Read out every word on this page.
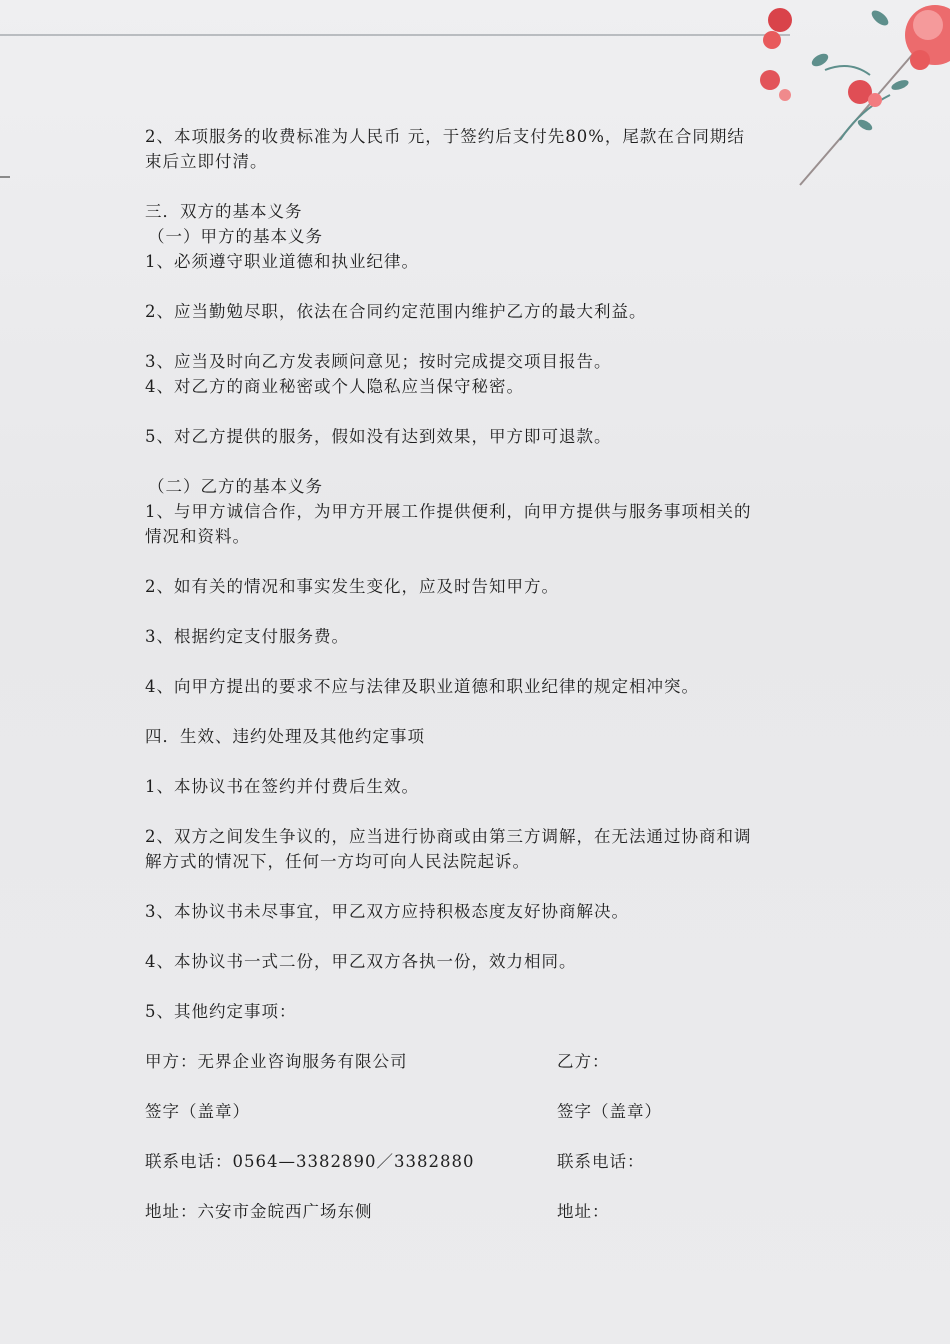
2、本项服务的收费标准为人民币 元，于签约后支付先80%，尾款在合同期结

束后立即付清。

三．双方的基本义务

（一）甲方的基本义务

1、必须遵守职业道德和执业纪律。

2、应当勤勉尽职，依法在合同约定范围内维护乙方的最大利益。

3、应当及时向乙方发表顾问意见；按时完成提交项目报告。

4、对乙方的商业秘密或个人隐私应当保守秘密。

5、对乙方提供的服务，假如没有达到效果，甲方即可退款。

（二）乙方的基本义务

1、与甲方诚信合作，为甲方开展工作提供便利，向甲方提供与服务事项相关的

情况和资料。

2、如有关的情况和事实发生变化，应及时告知甲方。

3、根据约定支付服务费。

4、向甲方提出的要求不应与法律及职业道德和职业纪律的规定相冲突。

四．生效、违约处理及其他约定事项

1、本协议书在签约并付费后生效。

2、双方之间发生争议的，应当进行协商或由第三方调解，在无法通过协商和调

解方式的情况下，任何一方均可向人民法院起诉。

3、本协议书未尽事宜，甲乙双方应持积极态度友好协商解决。

4、本协议书一式二份，甲乙双方各执一份，效力相同。

5、其他约定事项：

甲方：无界企业咨询服务有限公司	乙方：
签字（盖章）	签字（盖章）
联系电话：0564—3382890／3382880	联系电话：
地址：六安市金皖西广场东侧	地址：
